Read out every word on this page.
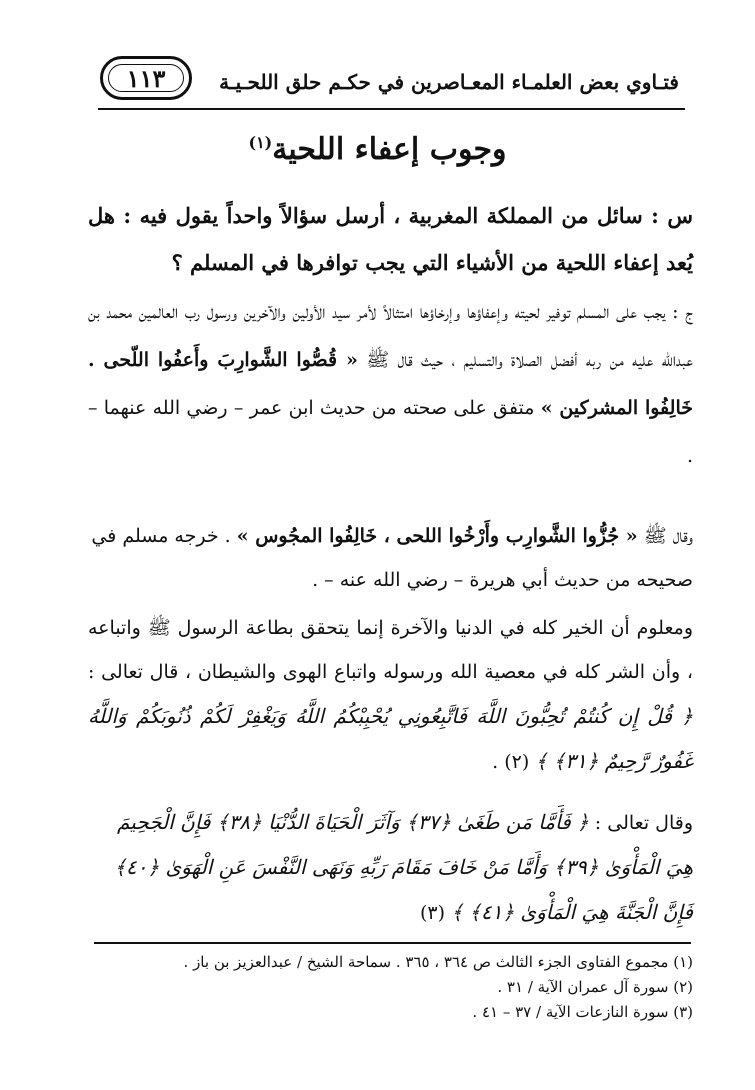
فتـاوي بعض العلمـاء المعـاصرين في حكـم حلق اللحـيـة
١١٣
وجوب إعفاء اللحية$^{(١)}$

س : سائل من المملكة المغربية ، أرسل سؤالاً واحداً يقول فيه : هل يُعد إعفاء اللحية من الأشياء التي يجب توافرها في المسلم ؟

ج : يجب على المسلم توفير لحيته وإعفاؤها وإرخاؤها امتثالاً لأمر سيد الأولين والآخرين ورسول رب العالمين محمد بن عبدالله عليه من ربه أفضل الصلاة والتسليم ، حيث قال ﷺ « قُصُّوا الشَّوارِبَ وأَعفُوا اللّحى . خَالِفُوا المشركين » متفق على صحته من حديث ابن عمر – رضي الله عنهما – .

وقال ﷺ « جُزُّوا الشَّوارِب وأَرْخُوا اللحى ، خَالِفُوا المجُوس » . خرجه مسلم في صحيحه من حديث أبي هريرة – رضي الله عنه – .

ومعلوم أن الخير كله في الدنيا والآخرة إنما يتحقق بطاعة الرسول ﷺ واتباعه ، وأن الشر كله في معصية الله ورسوله واتباع الهوى والشيطان ، قال تعالى : ﴿ قُلْ إِن كُنتُمْ تُحِبُّونَ اللَّهَ فَاتَّبِعُونِي يُحْبِبْكُمُ اللَّهُ وَيَغْفِرْ لَكُمْ ذُنُوبَكُمْ وَاللَّهُ غَفُورٌ رَّحِيمٌ ﴿٣١﴾ ﴾ (٢) .

وقال تعالى : ﴿ فَأَمَّا مَن طَغَىٰ ﴿٣٧﴾ وَآثَرَ الْحَيَاةَ الدُّنْيَا ﴿٣٨﴾ فَإِنَّ الْجَحِيمَ هِيَ الْمَأْوَىٰ ﴿٣٩﴾ وَأَمَّا مَنْ خَافَ مَقَامَ رَبِّهِ وَنَهَى النَّفْسَ عَنِ الْهَوَىٰ ﴿٤٠﴾ فَإِنَّ الْجَنَّةَ هِيَ الْمَأْوَىٰ ﴿٤١﴾ ﴾ (٣)

(١) مجموع الفتاوى الجزء الثالث ص ٣٦٤ ، ٣٦٥ . سماحة الشيخ / عبدالعزيز بن باز .
(٢) سورة آل عمران الآية / ٣١ .
(٣) سورة النازعات الآية / ٣٧ – ٤١ .
